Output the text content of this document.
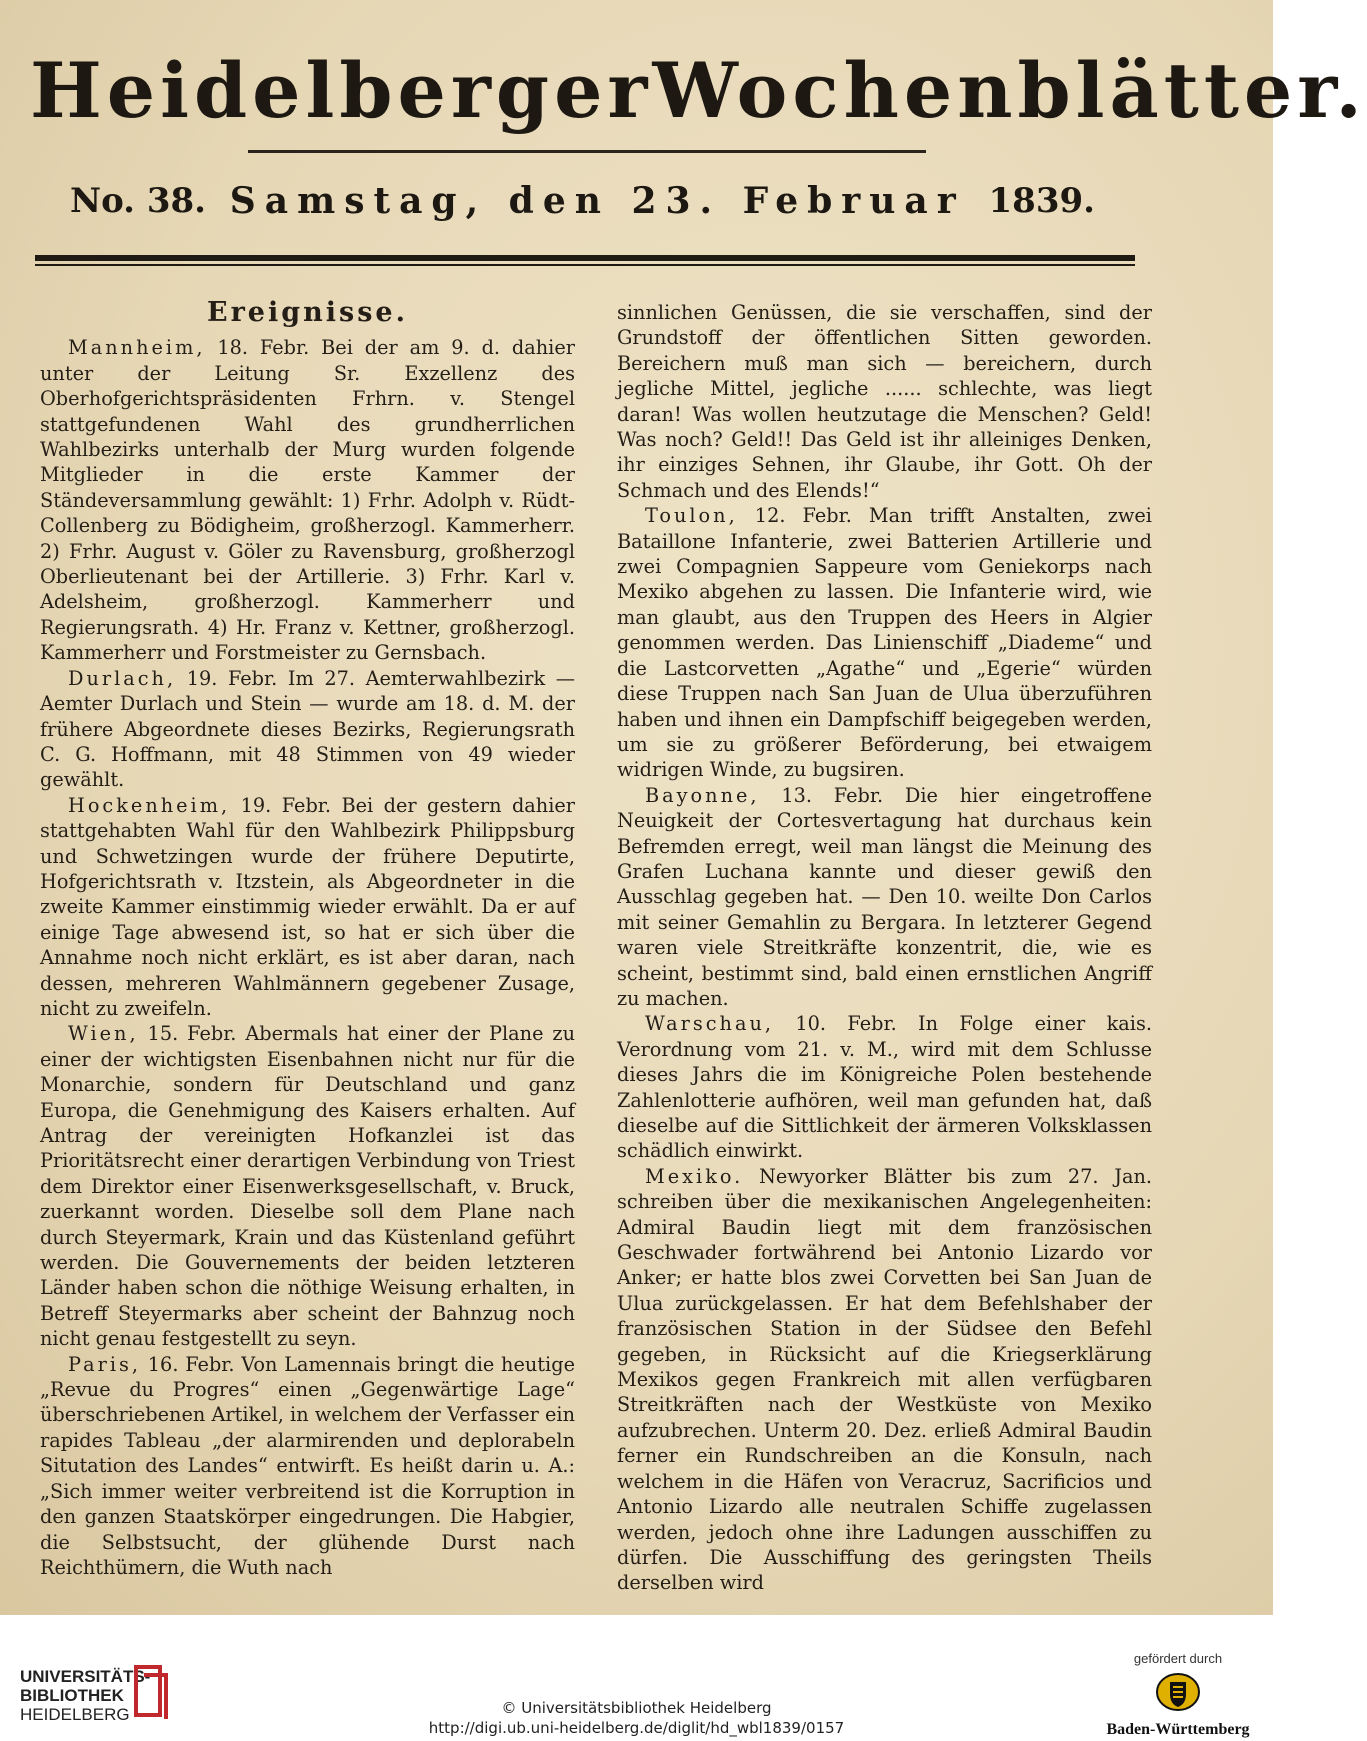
Heidelberger Wochenblätter.
No. 38. Samstag, den 23. Februar 1839.
Ereignisse.

Mannheim, 18. Febr. Bei der am 9. d. dahier unter der Leitung Sr. Exzellenz des Oberhofgerichtspräsidenten Frhrn. v. Stengel stattgefundenen Wahl des grundherrlichen Wahlbezirks unterhalb der Murg wurden folgende Mitglieder in die erste Kammer der Ständeversammlung gewählt: 1) Frhr. Adolph v. Rüdt-Collenberg zu Bödigheim, großherzogl. Kammerherr. 2) Frhr. August v. Göler zu Ravensburg, großherzogl Oberlieutenant bei der Artillerie. 3) Frhr. Karl v. Adelsheim, großherzogl. Kammerherr und Regierungsrath. 4) Hr. Franz v. Kettner, großherzogl. Kammerherr und Forstmeister zu Gernsbach.

Durlach, 19. Febr. Im 27. Aemterwahlbezirk — Aemter Durlach und Stein — wurde am 18. d. M. der frühere Abgeordnete dieses Bezirks, Regierungsrath C. G. Hoffmann, mit 48 Stimmen von 49 wieder gewählt.

Hockenheim, 19. Febr. Bei der gestern dahier stattgehabten Wahl für den Wahlbezirk Philippsburg und Schwetzingen wurde der frühere Deputirte, Hofgerichtsrath v. Itzstein, als Abgeordneter in die zweite Kammer einstimmig wieder erwählt. Da er auf einige Tage abwesend ist, so hat er sich über die Annahme noch nicht erklärt, es ist aber daran, nach dessen, mehreren Wahlmännern gegebener Zusage, nicht zu zweifeln.

Wien, 15. Febr. Abermals hat einer der Plane zu einer der wichtigsten Eisenbahnen nicht nur für die Monarchie, sondern für Deutschland und ganz Europa, die Genehmigung des Kaisers erhalten. Auf Antrag der vereinigten Hofkanzlei ist das Prioritätsrecht einer derartigen Verbindung von Triest dem Direktor einer Eisenwerksgesellschaft, v. Bruck, zuerkannt worden. Dieselbe soll dem Plane nach durch Steyermark, Krain und das Küstenland geführt werden. Die Gouvernements der beiden letzteren Länder haben schon die nöthige Weisung erhalten, in Betreff Steyermarks aber scheint der Bahnzug noch nicht genau festgestellt zu seyn.

Paris, 16. Febr. Von Lamennais bringt die heutige „Revue du Progres“ einen „Gegenwärtige Lage“ überschriebenen Artikel, in welchem der Verfasser ein rapides Tableau „der alarmirenden und deplorabeln Situtation des Landes“ entwirft. Es heißt darin u. A.: „Sich immer weiter verbreitend ist die Korruption in den ganzen Staatskörper eingedrungen. Die Habgier, die Selbstsucht, der glühende Durst nach Reichthümern, die Wuth nach

sinnlichen Genüssen, die sie verschaffen, sind der Grundstoff der öffentlichen Sitten geworden. Bereichern muß man sich — bereichern, durch jegliche Mittel, jegliche ...... schlechte, was liegt daran! Was wollen heutzutage die Menschen? Geld! Was noch? Geld!! Das Geld ist ihr alleiniges Denken, ihr einziges Sehnen, ihr Glaube, ihr Gott. Oh der Schmach und des Elends!“

Toulon, 12. Febr. Man trifft Anstalten, zwei Bataillone Infanterie, zwei Batterien Artillerie und zwei Compagnien Sappeure vom Geniekorps nach Mexiko abgehen zu lassen. Die Infanterie wird, wie man glaubt, aus den Truppen des Heers in Algier genommen werden. Das Linienschiff „Diademe“ und die Lastcorvetten „Agathe“ und „Egerie“ würden diese Truppen nach San Juan de Ulua überzuführen haben und ihnen ein Dampfschiff beigegeben werden, um sie zu größerer Beförderung, bei etwaigem widrigen Winde, zu bugsiren.

Bayonne, 13. Febr. Die hier eingetroffene Neuigkeit der Cortesvertagung hat durchaus kein Befremden erregt, weil man längst die Meinung des Grafen Luchana kannte und dieser gewiß den Ausschlag gegeben hat. — Den 10. weilte Don Carlos mit seiner Gemahlin zu Bergara. In letzterer Gegend waren viele Streitkräfte konzentrit, die, wie es scheint, bestimmt sind, bald einen ernstlichen Angriff zu machen.

Warschau, 10. Febr. In Folge einer kais. Verordnung vom 21. v. M., wird mit dem Schlusse dieses Jahrs die im Königreiche Polen bestehende Zahlenlotterie aufhören, weil man gefunden hat, daß dieselbe auf die Sittlichkeit der ärmeren Volksklassen schädlich einwirkt.

Mexiko. Newyorker Blätter bis zum 27. Jan. schreiben über die mexikanischen Angelegenheiten: Admiral Baudin liegt mit dem französischen Geschwader fortwährend bei Antonio Lizardo vor Anker; er hatte blos zwei Corvetten bei San Juan de Ulua zurückgelassen. Er hat dem Befehlshaber der französischen Station in der Südsee den Befehl gegeben, in Rücksicht auf die Kriegserklärung Mexikos gegen Frankreich mit allen verfügbaren Streitkräften nach der Westküste von Mexiko aufzubrechen. Unterm 20. Dez. erließ Admiral Baudin ferner ein Rundschreiben an die Konsuln, nach welchem in die Häfen von Veracruz, Sacrificios und Antonio Lizardo alle neutralen Schiffe zugelassen werden, jedoch ohne ihre Ladungen ausschiffen zu dürfen. Die Ausschiffung des geringsten Theils derselben wird

UNIVERSITÄTS-
BIBLIOTHEK
HEIDELBERG	© Universitätsbibliothek Heidelberg
http://digi.ub.uni-heidelberg.de/diglit/hd_wbl1839/0157
gefördert durch
Baden-Württemberg
